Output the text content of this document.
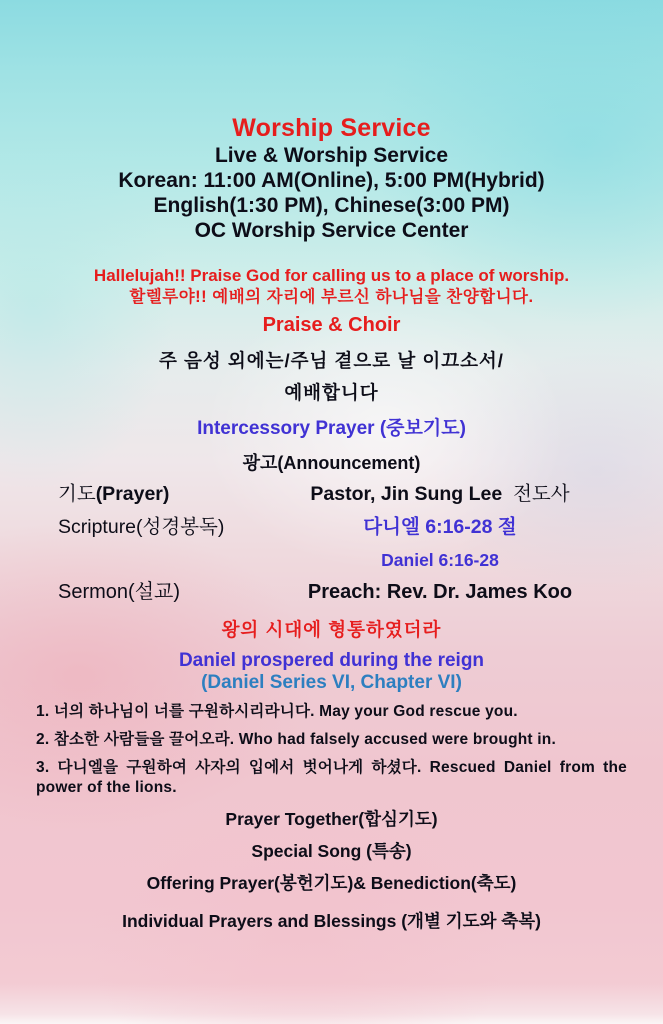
Worship Service

Live & Worship Service

Korean: 11:00 AM(Online), 5:00 PM(Hybrid)

English(1:30 PM), Chinese(3:00 PM)

OC Worship Service Center

Hallelujah!! Praise God for calling us to a place of worship.

할렐루야!! 예배의 자리에 부르신 하나님을 찬양합니다.

Praise & Choir

주 음성 외에는/주님 곁으로 날 이끄소서/

예배합니다

Intercessory Prayer (중보기도)

광고(Announcement)

기도(Prayer)	Pastor, Jin Sung Lee 전도사
Scripture(성경봉독)	다니엘 6:16-28 절
Daniel 6:16-28
Sermon(설교)	Preach: Rev. Dr. James Koo

왕의 시대에 형통하였더라

Daniel prospered during the reign

(Daniel Series VI, Chapter VI)

1. 너의 하나님이 너를 구원하시리라니다. May your God rescue you.

2. 참소한 사람들을 끌어오라. Who had falsely accused were brought in.

3. 다니엘을 구원하여 사자의 입에서 벗어나게 하셨다. Rescued Daniel from the power of the lions.

Prayer Together(합심기도)

Special Song (특송)

Offering Prayer(봉헌기도)& Benediction(축도)

Individual Prayers and Blessings (개별 기도와 축복)
